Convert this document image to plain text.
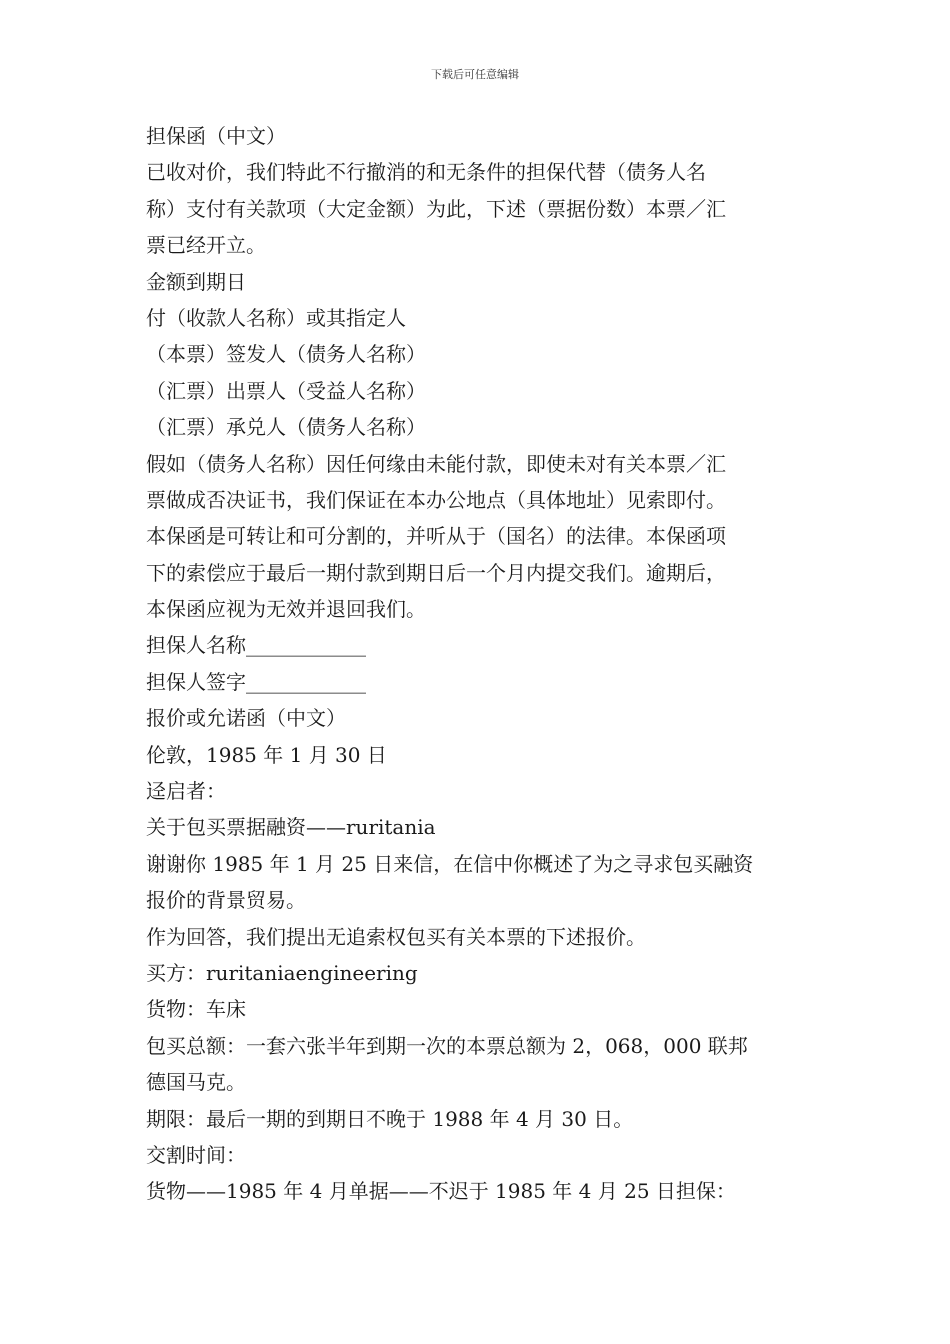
下载后可任意编辑
担保函（中文）
已收对价，我们特此不行撤消的和无条件的担保代替（债务人名
称）支付有关款项（大定金额）为此，下述（票据份数）本票／汇
票已经开立。
金额到期日
付（收款人名称）或其指定人
（本票）签发人（债务人名称）
（汇票）出票人（受益人名称）
（汇票）承兑人（债务人名称）
假如（债务人名称）因任何缘由未能付款，即使未对有关本票／汇
票做成否决证书，我们保证在本办公地点（具体地址）见索即付。
本保函是可转让和可分割的，并听从于（国名）的法律。本保函项
下的索偿应于最后一期付款到期日后一个月内提交我们。逾期后，
本保函应视为无效并退回我们。
担保人名称____________
担保人签字____________
报价或允诺函（中文）
伦敦，1985 年 1 月 30 日
迳启者：
关于包买票据融资——ruritania
谢谢你 1985 年 1 月 25 日来信，在信中你概述了为之寻求包买融资
报价的背景贸易。
作为回答，我们提出无追索权包买有关本票的下述报价。
买方：ruritaniaengineering
货物：车床
包买总额：一套六张半年到期一次的本票总额为 2，068，000 联邦
德国马克。
期限：最后一期的到期日不晚于 1988 年 4 月 30 日。
交割时间：
货物——1985 年 4 月单据——不迟于 1985 年 4 月 25 日担保：
